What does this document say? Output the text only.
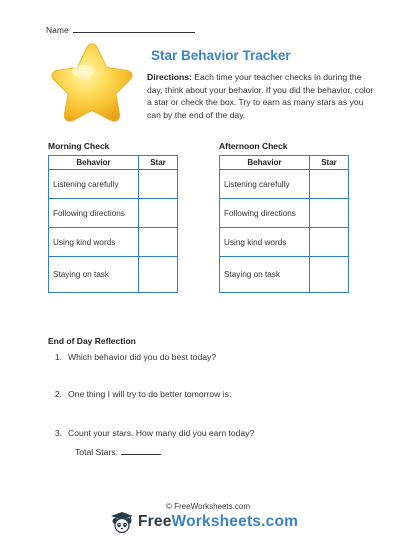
Name
Star Behavior Tracker
Directions: Each time your teacher checks in during the day, think about your behavior. If you did the behavior, color a star or check the box. Try to earn as many stars as you can by the end of the day.
Morning Check
Behavior	Star
Listening carefully	
Following directions	
Using kind words	
Staying on task	
Afternoon Check
Behavior	Star
Listening carefully	
Following directions	
Using kind words	
Staying on task	
End of Day Reflection
1. Which behavior did you do best today?
2. One thing I will try to do better tomorrow is:
3. Count your stars. How many did you earn today?
Total Stars:
© FreeWorksheets.com
FreeWorksheets.com
